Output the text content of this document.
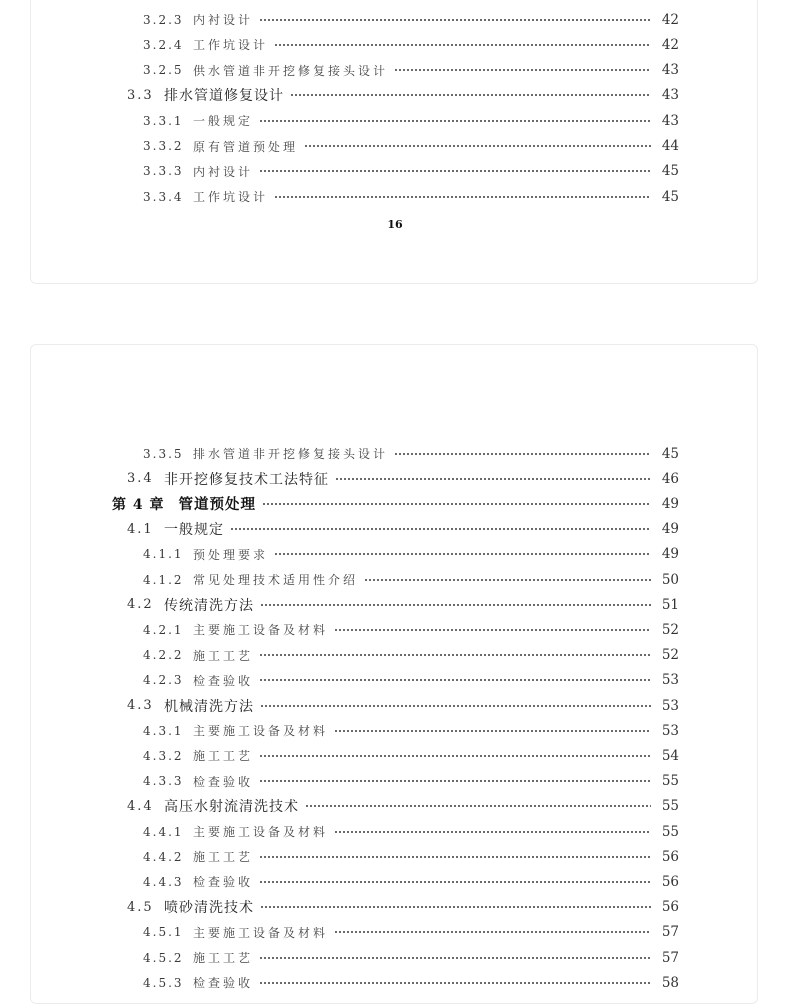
16
3.2.3 内衬设计	42
3.2.4 工作坑设计	42
3.2.5 供水管道非开挖修复接头设计	43
3.3 排水管道修复设计	43
3.3.1 一般规定	43
3.3.2 原有管道预处理	44
3.3.3 内衬设计	45
3.3.4 工作坑设计	45
3.3.5 排水管道非开挖修复接头设计	45
3.4 非开挖修复技术工法特征	46
第 4 章 管道预处理	49
4.1 一般规定	49
4.1.1 预处理要求	49
4.1.2 常见处理技术适用性介绍	50
4.2 传统清洗方法	51
4.2.1 主要施工设备及材料	52
4.2.2 施工工艺	52
4.2.3 检查验收	53
4.3 机械清洗方法	53
4.3.1 主要施工设备及材料	53
4.3.2 施工工艺	54
4.3.3 检查验收	55
4.4 高压水射流清洗技术	55
4.4.1 主要施工设备及材料	55
4.4.2 施工工艺	56
4.4.3 检查验收	56
4.5 喷砂清洗技术	56
4.5.1 主要施工设备及材料	57
4.5.2 施工工艺	57
4.5.3 检查验收	58
